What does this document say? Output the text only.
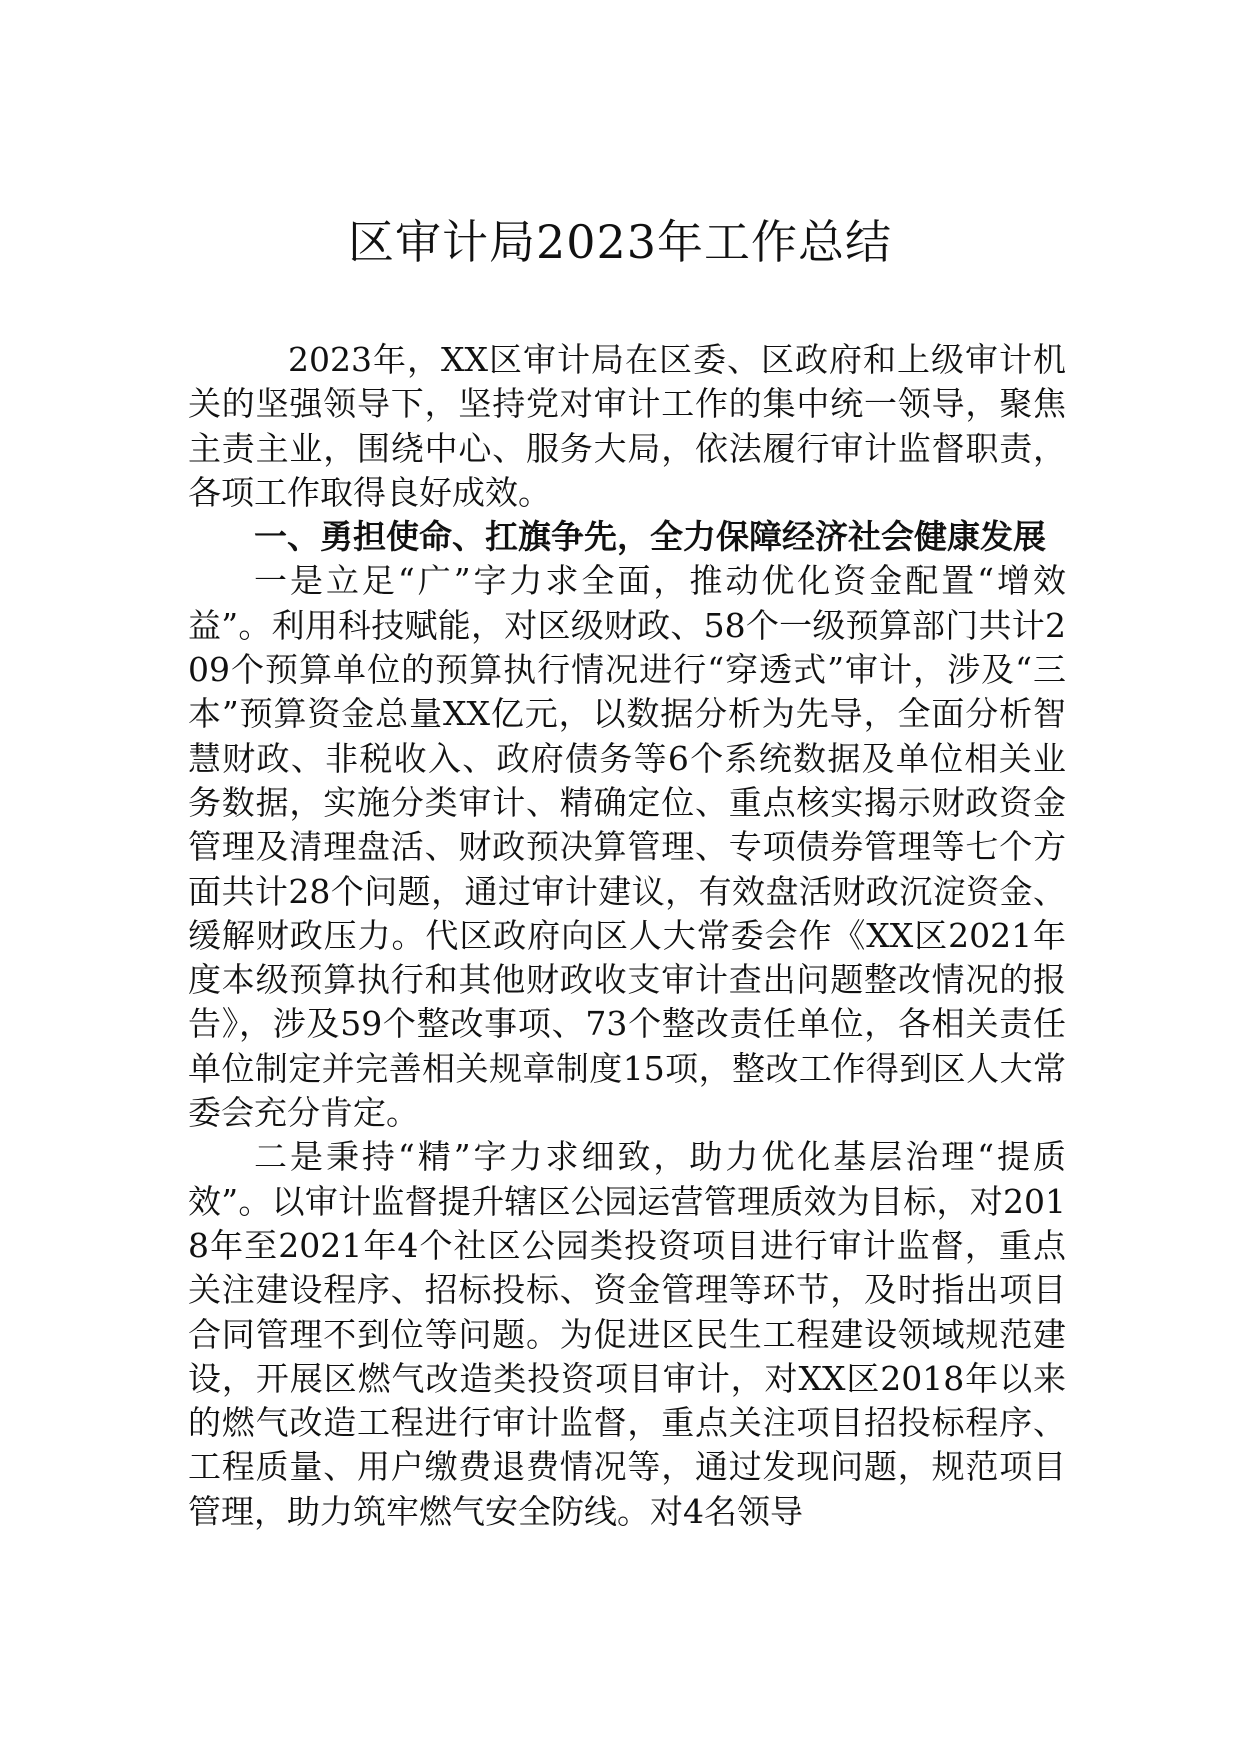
区审计局2023年工作总结

2023年，XX区审计局在区委、区政府和上级审计机关的坚强领导下，坚持党对审计工作的集中统一领导，聚焦主责主业，围绕中心、服务大局，依法履行审计监督职责，各项工作取得良好成效。

一、勇担使命、扛旗争先，全力保障经济社会健康发展

一是立足“广”字力求全面，推动优化资金配置“增效益”。利用科技赋能，对区级财政、58个一级预算部门共计209个预算单位的预算执行情况进行“穿透式”审计，涉及“三本”预算资金总量XX亿元，以数据分析为先导，全面分析智慧财政、非税收入、政府债务等6个系统数据及单位相关业务数据，实施分类审计、精确定位、重点核实揭示财政资金管理及清理盘活、财政预决算管理、专项债券管理等七个方面共计28个问题，通过审计建议，有效盘活财政沉淀资金、缓解财政压力。代区政府向区人大常委会作《XX区2021年度本级预算执行和其他财政收支审计查出问题整改情况的报告》，涉及59个整改事项、73个整改责任单位，各相关责任单位制定并完善相关规章制度15项，整改工作得到区人大常委会充分肯定。

二是秉持“精”字力求细致，助力优化基层治理“提质效”。以审计监督提升辖区公园运营管理质效为目标，对2018年至2021年4个社区公园类投资项目进行审计监督，重点关注建设程序、招标投标、资金管理等环节，及时指出项目合同管理不到位等问题。为促进区民生工程建设领域规范建设，开展区燃气改造类投资项目审计，对XX区2018年以来的燃气改造工程进行审计监督，重点关注项目招投标程序、工程质量、用户缴费退费情况等，通过发现问题，规范项目管理，助力筑牢燃气安全防线。对4名领导
